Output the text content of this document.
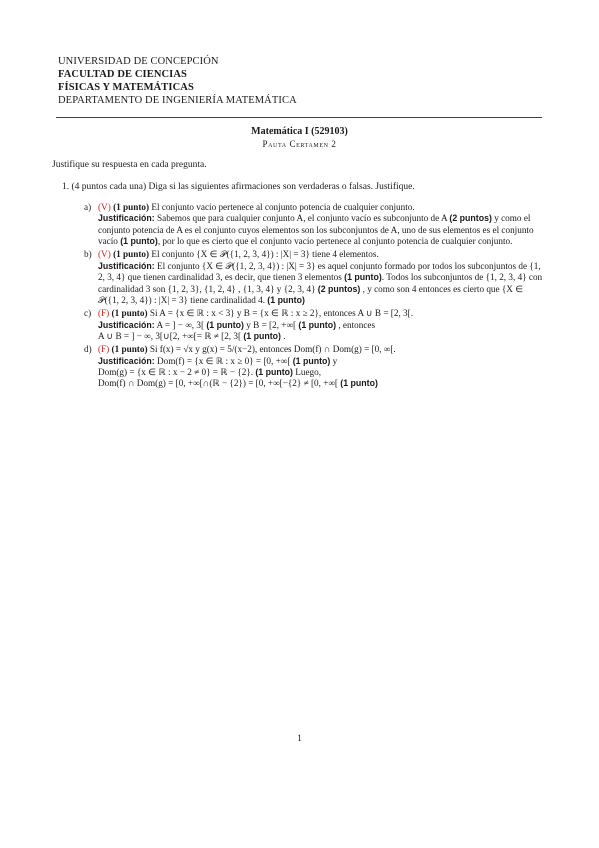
UNIVERSIDAD DE CONCEPCIÓN
FACULTAD DE CIENCIAS
FÍSICAS Y MATEMÁTICAS
DEPARTAMENTO DE INGENIERÍA MATEMÁTICA
Matemática I (529103)
Pauta Certamen 2
Justifique su respuesta en cada pregunta.
1. (4 puntos cada una) Diga si las siguientes afirmaciones son verdaderas o falsas. Justifique.
a) (V) (1 punto) El conjunto vacío pertenece al conjunto potencia de cualquier conjunto.
Justificación: Sabemos que para cualquier conjunto A, el conjunto vacío es subconjunto de A (2 puntos) y como el conjunto potencia de A es el conjunto cuyos elementos son los subconjuntos de A, uno de sus elementos es el conjunto vacío (1 punto), por lo que es cierto que el conjunto vacío pertenece al conjunto potencia de cualquier conjunto.
b) (V) (1 punto) El conjunto {X ∈ 𝒫({1, 2, 3, 4}) : |X| = 3} tiene 4 elementos.
Justificación: El conjunto {X ∈ 𝒫({1, 2, 3, 4}) : |X| = 3} es aquel conjunto formado por todos los subconjuntos de {1, 2, 3, 4} que tienen cardinalidad 3, es decir, que tienen 3 elementos (1 punto). Todos los subconjuntos de {1, 2, 3, 4} con cardinalidad 3 son {1, 2, 3}, {1, 2, 4} , {1, 3, 4} y {2, 3, 4} (2 puntos) , y como son 4 entonces es cierto que {X ∈ 𝒫({1, 2, 3, 4}) : |X| = 3} tiene cardinalidad 4. (1 punto)
c) (F) (1 punto) Si A = {x ∈ ℝ : x < 3} y B = {x ∈ ℝ : x ≥ 2}, entonces A ∪ B = [2, 3[.
Justificación: A = ] − ∞, 3[ (1 punto) y B = [2, +∞[ (1 punto) , entonces
A ∪ B = ] − ∞, 3[∪[2, +∞[= ℝ ≠ [2, 3[ (1 punto) .
d) (F) (1 punto) Si f(x) = √x y g(x) = 5/(x−2), entonces Dom(f) ∩ Dom(g) = [0, ∞[.
Justificación: Dom(f) = {x ∈ ℝ : x ≥ 0} = [0, +∞[ (1 punto) y
Dom(g) = {x ∈ ℝ : x − 2 ≠ 0} = ℝ − {2}. (1 punto) Luego,
Dom(f) ∩ Dom(g) = [0, +∞[∩(ℝ − {2}) = [0, +∞[−{2} ≠ [0, +∞[ (1 punto)
1
